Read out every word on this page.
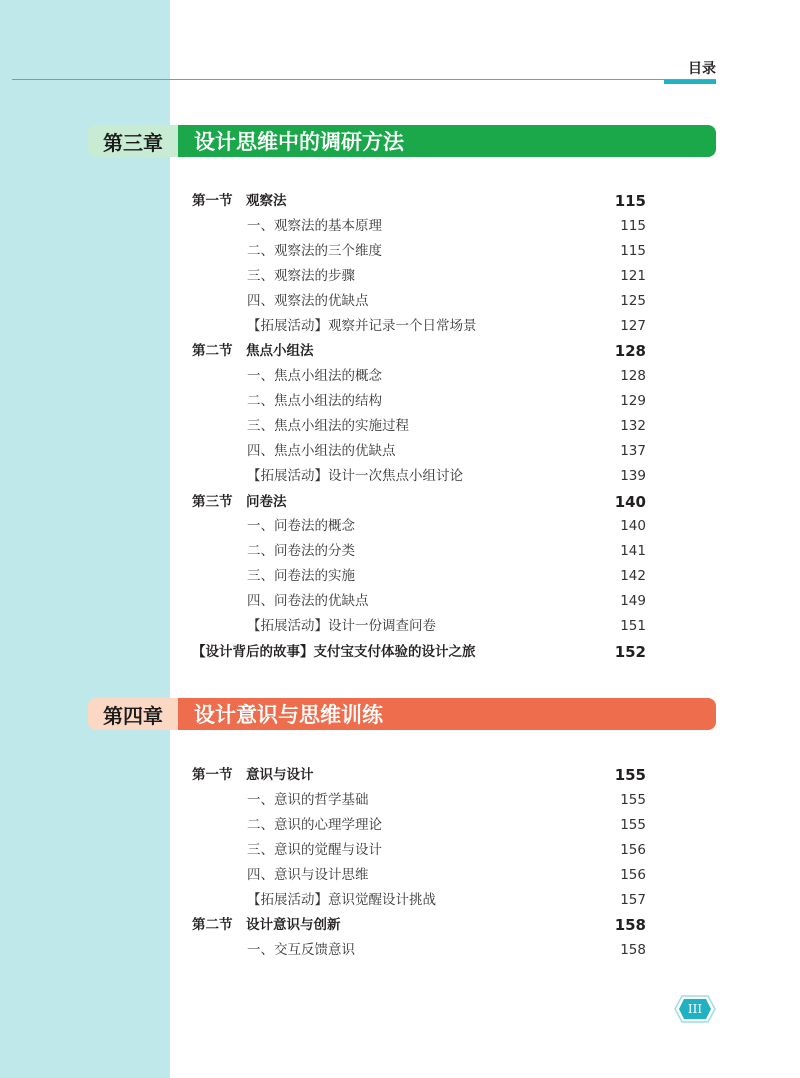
目录
设计思维中的调研方法
第三章
第一节　观察法	115
一、观察法的基本原理	115
二、观察法的三个维度	115
三、观察法的步骤	121
四、观察法的优缺点	125
【拓展活动】观察并记录一个日常场景	127
第二节　焦点小组法	128
一、焦点小组法的概念	128
二、焦点小组法的结构	129
三、焦点小组法的实施过程	132
四、焦点小组法的优缺点	137
【拓展活动】设计一次焦点小组讨论	139
第三节　问卷法	140
一、问卷法的概念	140
二、问卷法的分类	141
三、问卷法的实施	142
四、问卷法的优缺点	149
【拓展活动】设计一份调查问卷	151
【设计背后的故事】支付宝支付体验的设计之旅	152
设计意识与思维训练
第四章
第一节　意识与设计	155
一、意识的哲学基础	155
二、意识的心理学理论	155
三、意识的觉醒与设计	156
四、意识与设计思维	156
【拓展活动】意识觉醒设计挑战	157
第二节　设计意识与创新	158
一、交互反馈意识	158
III
